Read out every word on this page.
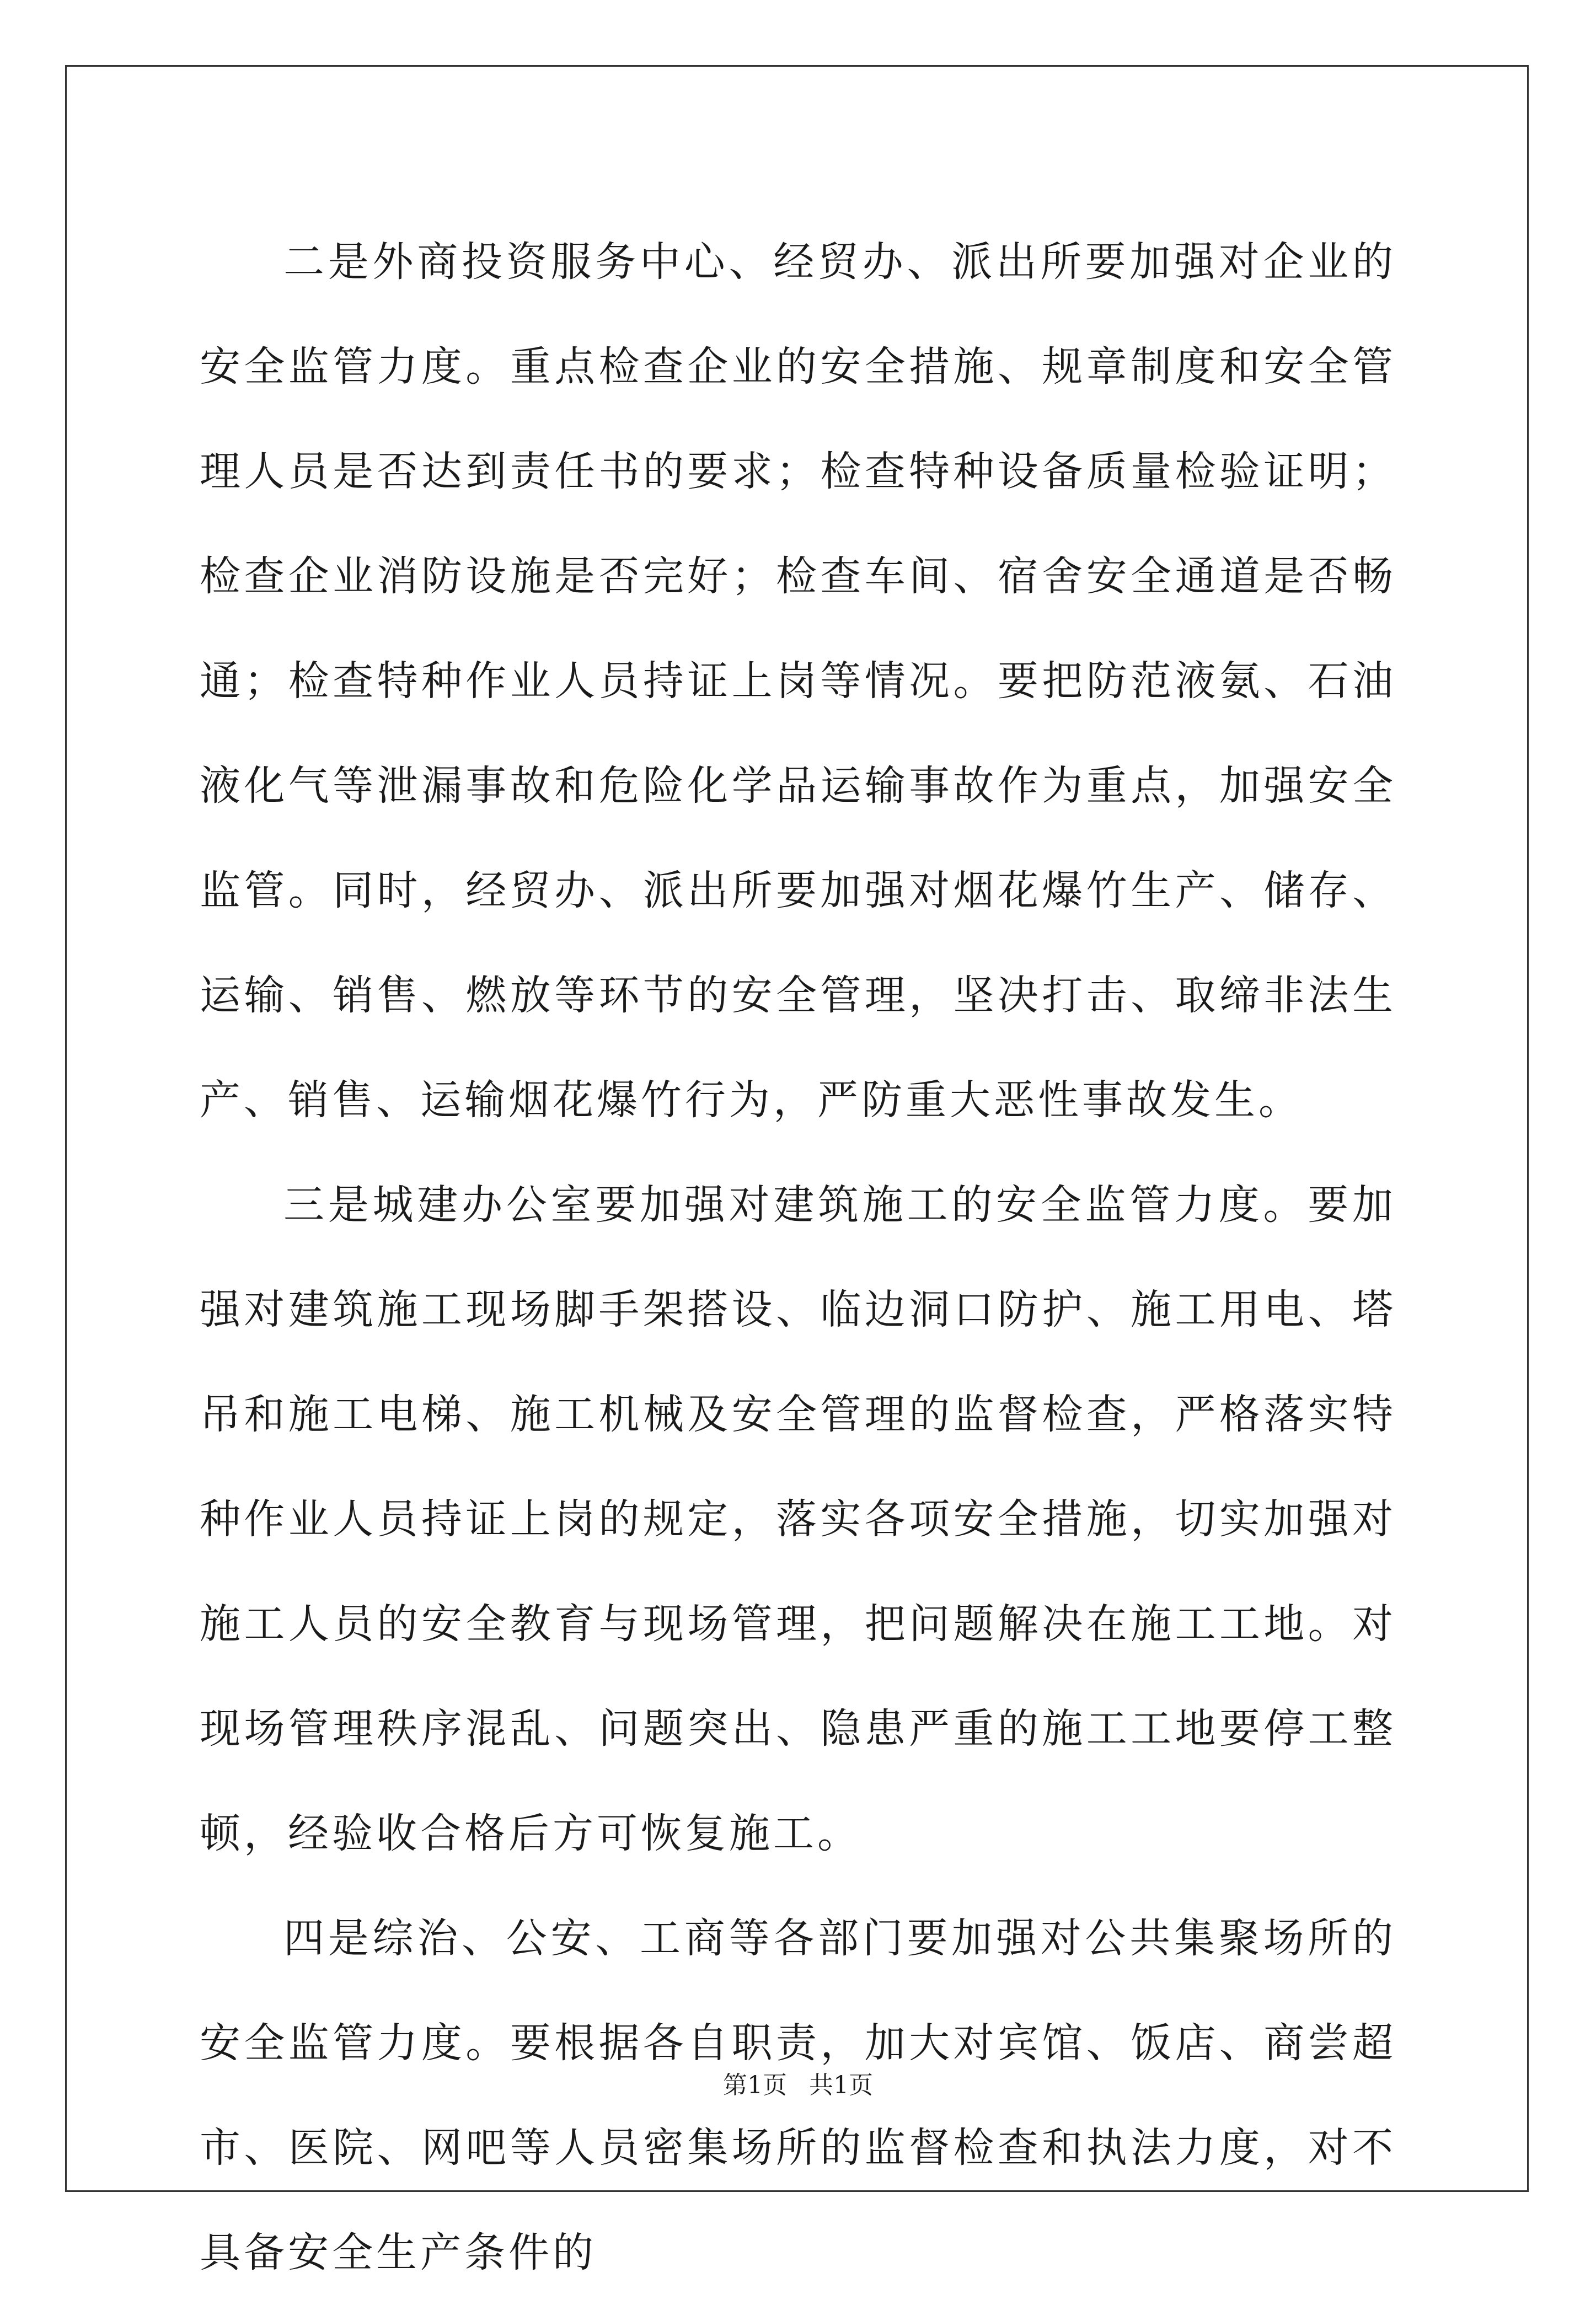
二是外商投资服务中心、经贸办、派出所要加强对企业的安全监管力度。重点检查企业的安全措施、规章制度和安全管理人员是否达到责任书的要求；检查特种设备质量检验证明；检查企业消防设施是否完好；检查车间、宿舍安全通道是否畅通；检查特种作业人员持证上岗等情况。要把防范液氨、石油液化气等泄漏事故和危险化学品运输事故作为重点，加强安全监管。同时，经贸办、派出所要加强对烟花爆竹生产、储存、运输、销售、燃放等环节的安全管理，坚决打击、取缔非法生产、销售、运输烟花爆竹行为，严防重大恶性事故发生。

三是城建办公室要加强对建筑施工的安全监管力度。要加强对建筑施工现场脚手架搭设、临边洞口防护、施工用电、塔吊和施工电梯、施工机械及安全管理的监督检查，严格落实特种作业人员持证上岗的规定，落实各项安全措施，切实加强对施工人员的安全教育与现场管理，把问题解决在施工工地。对现场管理秩序混乱、问题突出、隐患严重的施工工地要停工整顿，经验收合格后方可恢复施工。

四是综治、公安、工商等各部门要加强对公共集聚场所的安全监管力度。要根据各自职责，加大对宾馆、饭店、商尝超市、医院、网吧等人员密集场所的监督检查和执法力度，对不具备安全生产条件的

第1页 共1页
